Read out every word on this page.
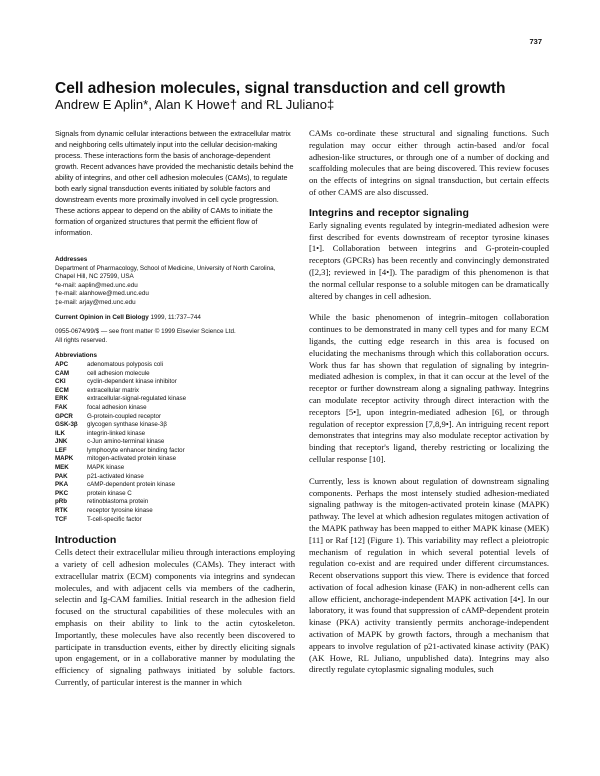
737
Cell adhesion molecules, signal transduction and cell growth
Andrew E Aplin*, Alan K Howe† and RL Juliano‡

Signals from dynamic cellular interactions between the extracellular matrix and neighboring cells ultimately input into the cellular decision-making process. These interactions form the basis of anchorage-dependent growth. Recent advances have provided the mechanistic details behind the ability of integrins, and other cell adhesion molecules (CAMs), to regulate both early signal transduction events initiated by soluble factors and downstream events more proximally involved in cell cycle progression. These actions appear to depend on the ability of CAMs to initiate the formation of organized structures that permit the efficient flow of information.

Addresses

Department of Pharmacology, School of Medicine, University of North Carolina, Chapel Hill, NC 27599, USA

*e-mail: aaplin@med.unc.edu

†e-mail: alanhowe@med.unc.edu

‡e-mail: arjay@med.unc.edu

Current Opinion in Cell Biology 1999, 11:737–744

0955-0674/99/$ — see front matter © 1999 Elsevier Science Ltd.

All rights reserved.

Abbreviations
APC	adenomatous polyposis coli
CAM	cell adhesion molecule
CKI	cyclin-dependent kinase inhibitor
ECM	extracellular matrix
ERK	extracellular-signal-regulated kinase
FAK	focal adhesion kinase
GPCR	G-protein-coupled receptor
GSK-3β	glycogen synthase kinase-3β
ILK	integrin-linked kinase
JNK	c-Jun amino-terminal kinase
LEF	lymphocyte enhancer binding factor
MAPK	mitogen-activated protein kinase
MEK	MAPK kinase
PAK	p21-activated kinase
PKA	cAMP-dependent protein kinase
PKC	protein kinase C
pRb	retinoblastoma protein
RTK	receptor tyrosine kinase
TCF	T-cell-specific factor
Introduction

Cells detect their extracellular milieu through interactions employing a variety of cell adhesion molecules (CAMs). They interact with extracellular matrix (ECM) components via integrins and syndecan molecules, and with adjacent cells via members of the cadherin, selectin and Ig-CAM families. Initial research in the adhesion field focused on the structural capabilities of these molecules with an emphasis on their ability to link to the actin cytoskeleton. Importantly, these molecules have also recently been discovered to participate in transduction events, either by directly eliciting signals upon engagement, or in a collaborative manner by modulating the efficiency of signaling pathways initiated by soluble factors. Currently, of particular interest is the manner in which

CAMs co-ordinate these structural and signaling functions. Such regulation may occur either through actin-based and/or focal adhesion-like structures, or through one of a number of docking and scaffolding molecules that are being discovered. This review focuses on the effects of integrins on signal transduction, but certain effects of other CAMS are also discussed.

Integrins and receptor signaling

Early signaling events regulated by integrin-mediated adhesion were first described for events downstream of receptor tyrosine kinases [1•]. Collaboration between integrins and G-protein-coupled receptors (GPCRs) has been recently and convincingly demonstrated ([2,3]; reviewed in [4•]). The paradigm of this phenomenon is that the normal cellular response to a soluble mitogen can be dramatically altered by changes in cell adhesion.

While the basic phenomenon of integrin–mitogen collaboration continues to be demonstrated in many cell types and for many ECM ligands, the cutting edge research in this area is focused on elucidating the mechanisms through which this collaboration occurs. Work thus far has shown that regulation of signaling by integrin-mediated adhesion is complex, in that it can occur at the level of the receptor or further downstream along a signaling pathway. Integrins can modulate receptor activity through direct interaction with the receptors [5•], upon integrin-mediated adhesion [6], or through regulation of receptor expression [7,8,9•]. An intriguing recent report demonstrates that integrins may also modulate receptor activation by binding that receptor's ligand, thereby restricting or localizing the cellular response [10].

Currently, less is known about regulation of downstream signaling components. Perhaps the most intensely studied adhesion-mediated signaling pathway is the mitogen-activated protein kinase (MAPK) pathway. The level at which adhesion regulates mitogen activation of the MAPK pathway has been mapped to either MAPK kinase (MEK) [11] or Raf [12] (Figure 1). This variability may reflect a pleiotropic mechanism of regulation in which several potential levels of regulation co-exist and are required under different circumstances. Recent observations support this view. There is evidence that forced activation of focal adhesion kinase (FAK) in non-adherent cells can allow efficient, anchorage-independent MAPK activation [4•]. In our laboratory, it was found that suppression of cAMP-dependent protein kinase (PKA) activity transiently permits anchorage-independent activation of MAPK by growth factors, through a mechanism that appears to involve regulation of p21-activated kinase activity (PAK) (AK Howe, RL Juliano, unpublished data). Integrins may also directly regulate cytoplasmic signaling modules, such
